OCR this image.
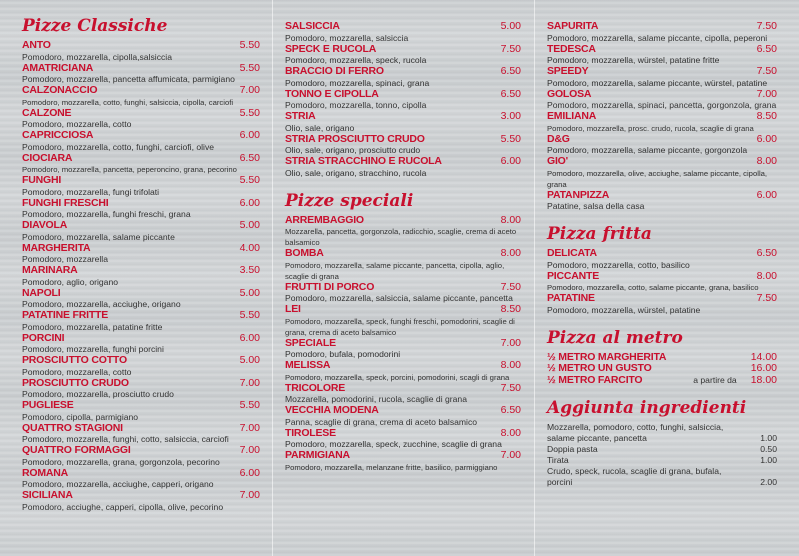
Pizze Classiche
ANTO	5.50
Pomodoro, mozzarella, cipolla,salsiccia
AMATRICIANA	5.50
Pomodoro, mozzarella, pancetta affumicata, parmigiano
CALZONACCIO	7.00
Pomodoro, mozzarella, cotto, funghi, salsiccia, cipolla, carciofi
CALZONE	5.50
Pomodoro, mozzarella, cotto
CAPRICCIOSA	6.00
Pomodoro, mozzarella, cotto, funghi, carciofi, olive
CIOCIARA	6.50
Pomodoro, mozzarella, pancetta, peperoncino, grana, pecorino
FUNGHI	5.50
Pomodoro, mozzarella, fungi trifolati
FUNGHI FRESCHI	6.00
Pomodoro, mozzarella, funghi freschi, grana
DIAVOLA	5.00
Pomodoro, mozzarella, salame piccante
MARGHERITA	4.00
Pomodoro, mozzarella
MARINARA	3.50
Pomodoro, aglio, origano
NAPOLI	5.00
Pomodoro, mozzarella, acciughe, origano
PATATINE FRITTE	5.50
Pomodoro, mozzarella, patatine fritte
PORCINI	6.00
Pomodoro, mozzarella, funghi porcini
PROSCIUTTO COTTO	5.00
Pomodoro, mozzarella, cotto
PROSCIUTTO CRUDO	7.00
Pomodoro, mozzarella, prosciutto crudo
PUGLIESE	5.50
Pomodoro, cipolla, parmigiano
QUATTRO STAGIONI	7.00
Pomodoro, mozzarella, funghi, cotto, salsiccia, carciofi
QUATTRO FORMAGGI	7.00
Pomodoro, mozzarella, grana, gorgonzola, pecorino
ROMANA	6.00
Pomodoro, mozzarella, acciughe, capperi, origano
SICILIANA	7.00
Pomodoro, acciughe, capperi, cipolla, olive, pecorino
SALSICCIA	5.00
Pomodoro, mozzarella, salsiccia
SPECK E RUCOLA	7.50
Pomodoro, mozzarella, speck, rucola
BRACCIO DI FERRO	6.50
Pomodoro, mozzarella, spinaci, grana
TONNO E CIPOLLA	6.50
Pomodoro, mozzarella, tonno, cipolla
STRIA	3.00
Olio, sale, origano
STRIA PROSCIUTTO CRUDO	5.50
Olio, sale, origano, prosciutto crudo
STRIA STRACCHINO E RUCOLA	6.00
Olio, sale, origano, stracchino, rucola
Pizze speciali
ARREMBAGGIO	8.00
Mozzarella, pancetta, gorgonzola, radicchio, scaglie, crema di aceto balsamico
BOMBA	8.00
Pomodoro, mozzarella, salame piccante, pancetta, cipolla, aglio, scaglie di grana
FRUTTI DI PORCO	7.50
Pomodoro, mozzarella, salsiccia, salame piccante, pancetta
LEI	8.50
Pomodoro, mozzarella, speck, funghi freschi, pomodorini, scaglie di grana, crema di aceto balsamico
SPECIALE	7.00
Pomodoro, bufala, pomodorini
MELISSA	8.00
Pomodoro, mozzarella, speck, porcini, pomodorini, scagli di grana
TRICOLORE	7.50
Mozzarella, pomodorini, rucola, scaglie di grana
VECCHIA MODENA	6.50
Panna, scaglie di grana, crema di aceto balsamico
TIROLESE	8.00
Pomodoro, mozzarella, speck, zucchine, scaglie di grana
PARMIGIANA	7.00
Pomodoro, mozzarella, melanzane fritte, basilico, parmiggiano
SAPURITA	7.50
Pomodoro, mozzarella, salame piccante, cipolla, peperoni
TEDESCA	6.50
Pomodoro, mozzarella, würstel, patatine fritte
SPEEDY	7.50
Pomodoro, mozzarella, salame piccante, würstel, patatine
GOLOSA	7.00
Pomodoro, mozzarella, spinaci, pancetta, gorgonzola, grana
EMILIANA	8.50
Pomodoro, mozzarella, prosc. crudo, rucola, scaglie di grana
D&G	6.00
Pomodoro, mozzarella, salame piccante, gorgonzola
GIO'	8.00
Pomodoro, mozzarella, olive, acciughe, salame piccante, cipolla, grana
PATANPIZZA	6.00
Patatine, salsa della casa
Pizza fritta
DELICATA	6.50
Pomodoro, mozzarella, cotto, basilico
PICCANTE	8.00
Pomodoro, mozzarella, cotto, salame piccante, grana, basilico
PATATINE	7.50
Pomodoro, mozzarella, würstel, patatine
Pizza al metro
½ METRO MARGHERITA	14.00
½ METRO UN GUSTO	16.00
½ METRO FARCITO	a partire da 18.00
Aggiunta ingredienti
Mozzarella, pomodoro, cotto, funghi, salsiccia, salame piccante, pancetta	1.00
Doppia pasta	0.50
Tirata	1.00
Crudo, speck, rucola, scaglie di grana, bufala, porcini	2.00
